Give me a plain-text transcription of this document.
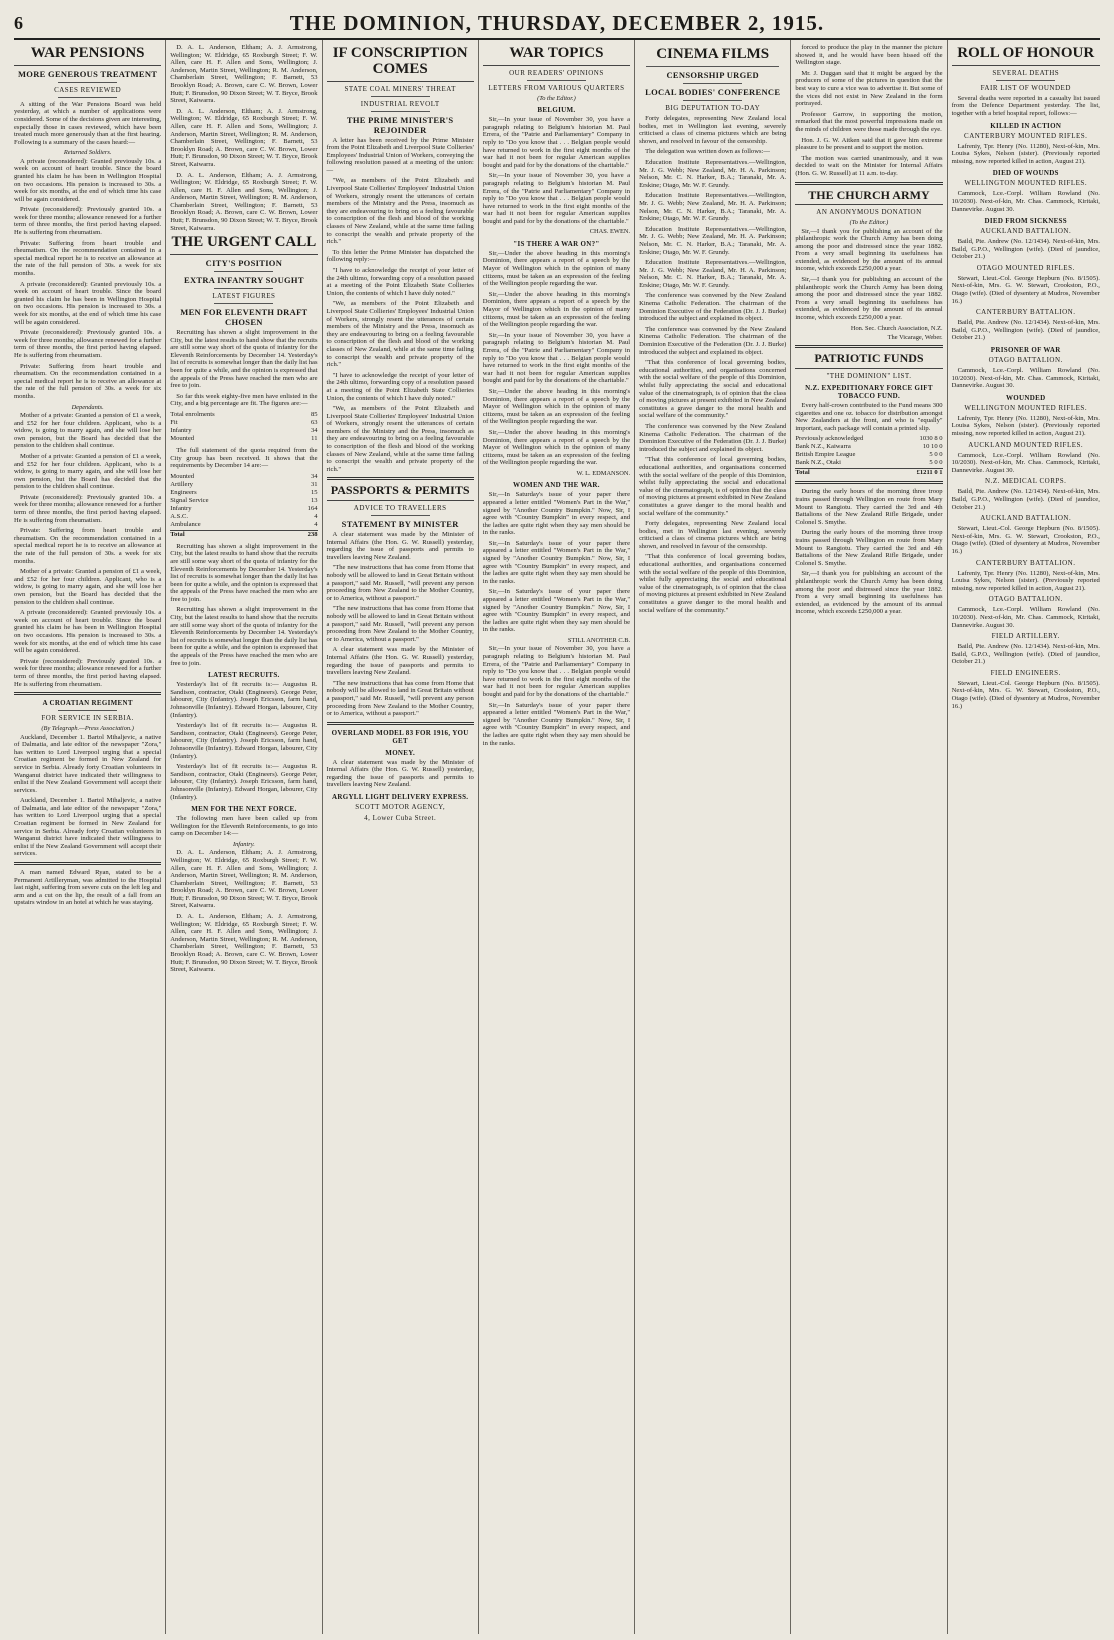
6	THE DOMINION, THURSDAY, DECEMBER 2, 1915.
WAR PENSIONS
MORE GENEROUS TREATMENT
CASES REVIEWED

A sitting of the War Pensions Board was held yesterday, at which a number of applications were considered. Some of the decisions given are interesting, especially those in cases reviewed, which have been treated much more generously than at the first hearing. Following is a summary of the cases heard:—

Returned Soldiers.

A private (reconsidered): Granted previously 10s. a week on account of heart trouble. Since the board granted his claim he has been in Wellington Hospital on two occasions. His pension is increased to 30s. a week for six months, at the end of which time his case will be again considered.

Private (reconsidered): Previously granted 10s. a week for three months; allowance renewed for a further term of three months, the first period having elapsed. He is suffering from rheumatism.

Private: Suffering from heart trouble and rheumatism. On the recommendation contained in a special medical report he is to receive an allowance at the rate of the full pension of 30s. a week for six months.

A private (reconsidered): Granted previously 10s. a week on account of heart trouble. Since the board granted his claim he has been in Wellington Hospital on two occasions. His pension is increased to 30s. a week for six months, at the end of which time his case will be again considered.

Private (reconsidered): Previously granted 10s. a week for three months; allowance renewed for a further term of three months, the first period having elapsed. He is suffering from rheumatism.

Private: Suffering from heart trouble and rheumatism. On the recommendation contained in a special medical report he is to receive an allowance at the rate of the full pension of 30s. a week for six months.

Dependants.

Mother of a private: Granted a pension of £1 a week, and £52 for her four children. Applicant, who is a widow, is going to marry again, and she will lose her own pension, but the Board has decided that the pension to the children shall continue.

Mother of a private: Granted a pension of £1 a week, and £52 for her four children. Applicant, who is a widow, is going to marry again, and she will lose her own pension, but the Board has decided that the pension to the children shall continue.

Private (reconsidered): Previously granted 10s. a week for three months; allowance renewed for a further term of three months, the first period having elapsed. He is suffering from rheumatism.

Private: Suffering from heart trouble and rheumatism. On the recommendation contained in a special medical report he is to receive an allowance at the rate of the full pension of 30s. a week for six months.

Mother of a private: Granted a pension of £1 a week, and £52 for her four children. Applicant, who is a widow, is going to marry again, and she will lose her own pension, but the Board has decided that the pension to the children shall continue.

A private (reconsidered): Granted previously 10s. a week on account of heart trouble. Since the board granted his claim he has been in Wellington Hospital on two occasions. His pension is increased to 30s. a week for six months, at the end of which time his case will be again considered.

Private (reconsidered): Previously granted 10s. a week for three months; allowance renewed for a further term of three months, the first period having elapsed. He is suffering from rheumatism.

A CROATIAN REGIMENT
FOR SERVICE IN SERBIA.
(By Telegraph.—Press Association.)

Auckland, December 1. Bartol Mihaljevic, a native of Dalmatia, and late editor of the newspaper "Zora," has written to Lord Liverpool urging that a special Croatian regiment be formed in New Zealand for service in Serbia. Already forty Croatian volunteers in Wanganui district have indicated their willingness to enlist if the New Zealand Government will accept their services.

Auckland, December 1. Bartol Mihaljevic, a native of Dalmatia, and late editor of the newspaper "Zora," has written to Lord Liverpool urging that a special Croatian regiment be formed in New Zealand for service in Serbia. Already forty Croatian volunteers in Wanganui district have indicated their willingness to enlist if the New Zealand Government will accept their services.

A man named Edward Ryan, stated to be a Permanent Artilleryman, was admitted to the Hospital last night, suffering from severe cuts on the left leg and arm and a cut on the lip, the result of a fall from an upstairs window in an hotel at which he was staying.

D. A. L. Anderson, Eltham; A. J. Armstrong, Wellington; W. Eldridge, 65 Roxburgh Street; F. W. Allen, care H. F. Allen and Sons, Wellington; J. Anderson, Martin Street, Wellington; R. M. Anderson, Chamberlain Street, Wellington; F. Barnett, 53 Brooklyn Road; A. Brown, care C. W. Brown, Lower Hutt; F. Brunsdon, 90 Dixon Street; W. T. Bryce, Brook Street, Kaiwarra.

D. A. L. Anderson, Eltham; A. J. Armstrong, Wellington; W. Eldridge, 65 Roxburgh Street; F. W. Allen, care H. F. Allen and Sons, Wellington; J. Anderson, Martin Street, Wellington; R. M. Anderson, Chamberlain Street, Wellington; F. Barnett, 53 Brooklyn Road; A. Brown, care C. W. Brown, Lower Hutt; F. Brunsdon, 90 Dixon Street; W. T. Bryce, Brook Street, Kaiwarra.

D. A. L. Anderson, Eltham; A. J. Armstrong, Wellington; W. Eldridge, 65 Roxburgh Street; F. W. Allen, care H. F. Allen and Sons, Wellington; J. Anderson, Martin Street, Wellington; R. M. Anderson, Chamberlain Street, Wellington; F. Barnett, 53 Brooklyn Road; A. Brown, care C. W. Brown, Lower Hutt; F. Brunsdon, 90 Dixon Street; W. T. Bryce, Brook Street, Kaiwarra.

THE URGENT CALL
CITY'S POSITION
EXTRA INFANTRY SOUGHT
LATEST FIGURES
MEN FOR ELEVENTH DRAFT CHOSEN

Recruiting has shown a slight improvement in the City, but the latest results to hand show that the recruits are still some way short of the quota of infantry for the Eleventh Reinforcements by December 14. Yesterday's list of recruits is somewhat longer than the daily list has been for quite a while, and the opinion is expressed that the appeals of the Press have reached the men who are free to join.

So far this week eighty-five men have enlisted in the City, and a big percentage are fit. The figures are:—

Total enrolments	85
Fit	63
Infantry	34
Mounted	11

The full statement of the quota required from the City group has been received. It shows that the requirements by December 14 are:—

Mounted	34
Artillery	31
Engineers	15
Signal Service	13
Infantry	164
A.S.C.	4
Ambulance	4
Total	238

Recruiting has shown a slight improvement in the City, but the latest results to hand show that the recruits are still some way short of the quota of infantry for the Eleventh Reinforcements by December 14. Yesterday's list of recruits is somewhat longer than the daily list has been for quite a while, and the opinion is expressed that the appeals of the Press have reached the men who are free to join.

Recruiting has shown a slight improvement in the City, but the latest results to hand show that the recruits are still some way short of the quota of infantry for the Eleventh Reinforcements by December 14. Yesterday's list of recruits is somewhat longer than the daily list has been for quite a while, and the opinion is expressed that the appeals of the Press have reached the men who are free to join.

LATEST RECRUITS.

Yesterday's list of fit recruits is:— Augustus R. Sandison, contractor, Otaki (Engineers). George Peter, labourer, City (Infantry). Joseph Ericsson, farm hand, Johnsonville (Infantry). Edward Horgan, labourer, City (Infantry).

Yesterday's list of fit recruits is:— Augustus R. Sandison, contractor, Otaki (Engineers). George Peter, labourer, City (Infantry). Joseph Ericsson, farm hand, Johnsonville (Infantry). Edward Horgan, labourer, City (Infantry).

Yesterday's list of fit recruits is:— Augustus R. Sandison, contractor, Otaki (Engineers). George Peter, labourer, City (Infantry). Joseph Ericsson, farm hand, Johnsonville (Infantry). Edward Horgan, labourer, City (Infantry).

MEN FOR THE NEXT FORCE.

The following men have been called up from Wellington for the Eleventh Reinforcements, to go into camp on December 14:—

Infantry.

D. A. L. Anderson, Eltham; A. J. Armstrong, Wellington; W. Eldridge, 65 Roxburgh Street; F. W. Allen, care H. F. Allen and Sons, Wellington; J. Anderson, Martin Street, Wellington; R. M. Anderson, Chamberlain Street, Wellington; F. Barnett, 53 Brooklyn Road; A. Brown, care C. W. Brown, Lower Hutt; F. Brunsdon, 90 Dixon Street; W. T. Bryce, Brook Street, Kaiwarra.

D. A. L. Anderson, Eltham; A. J. Armstrong, Wellington; W. Eldridge, 65 Roxburgh Street; F. W. Allen, care H. F. Allen and Sons, Wellington; J. Anderson, Martin Street, Wellington; R. M. Anderson, Chamberlain Street, Wellington; F. Barnett, 53 Brooklyn Road; A. Brown, care C. W. Brown, Lower Hutt; F. Brunsdon, 90 Dixon Street; W. T. Bryce, Brook Street, Kaiwarra.

IF CONSCRIPTION COMES
STATE COAL MINERS' THREAT
INDUSTRIAL REVOLT
THE PRIME MINISTER'S REJOINDER

A letter has been received by the Prime Minister from the Point Elizabeth and Liverpool State Collieries' Employees' Industrial Union of Workers, conveying the following resolution passed at a meeting of the union:—

"We, as members of the Point Elizabeth and Liverpool State Collieries' Employees' Industrial Union of Workers, strongly resent the utterances of certain members of the Ministry and the Press, insomuch as they are endeavouring to bring on a feeling favourable to conscription of the flesh and blood of the working classes of New Zealand, while at the same time failing to conscript the wealth and private property of the rich."

To this letter the Prime Minister has dispatched the following reply:—

"I have to acknowledge the receipt of your letter of the 24th ultimo, forwarding copy of a resolution passed at a meeting of the Point Elizabeth State Collieries Union, the contents of which I have duly noted."

"We, as members of the Point Elizabeth and Liverpool State Collieries' Employees' Industrial Union of Workers, strongly resent the utterances of certain members of the Ministry and the Press, insomuch as they are endeavouring to bring on a feeling favourable to conscription of the flesh and blood of the working classes of New Zealand, while at the same time failing to conscript the wealth and private property of the rich."

"I have to acknowledge the receipt of your letter of the 24th ultimo, forwarding copy of a resolution passed at a meeting of the Point Elizabeth State Collieries Union, the contents of which I have duly noted."

"We, as members of the Point Elizabeth and Liverpool State Collieries' Employees' Industrial Union of Workers, strongly resent the utterances of certain members of the Ministry and the Press, insomuch as they are endeavouring to bring on a feeling favourable to conscription of the flesh and blood of the working classes of New Zealand, while at the same time failing to conscript the wealth and private property of the rich."

PASSPORTS & PERMITS
ADVICE TO TRAVELLERS
STATEMENT BY MINISTER

A clear statement was made by the Minister of Internal Affairs (the Hon. G. W. Russell) yesterday, regarding the issue of passports and permits to travellers leaving New Zealand.

"The new instructions that has come from Home that nobody will be allowed to land in Great Britain without a passport," said Mr. Russell, "will prevent any person proceeding from New Zealand to the Mother Country, or to America, without a passport."

"The new instructions that has come from Home that nobody will be allowed to land in Great Britain without a passport," said Mr. Russell, "will prevent any person proceeding from New Zealand to the Mother Country, or to America, without a passport."

A clear statement was made by the Minister of Internal Affairs (the Hon. G. W. Russell) yesterday, regarding the issue of passports and permits to travellers leaving New Zealand.

"The new instructions that has come from Home that nobody will be allowed to land in Great Britain without a passport," said Mr. Russell, "will prevent any person proceeding from New Zealand to the Mother Country, or to America, without a passport."

OVERLAND MODEL 83 FOR 1916, YOU GET
MONEY.

A clear statement was made by the Minister of Internal Affairs (the Hon. G. W. Russell) yesterday, regarding the issue of passports and permits to travellers leaving New Zealand.

ARGYLL LIGHT DELIVERY EXPRESS.
SCOTT MOTOR AGENCY,
4, Lower Cuba Street.
WAR TOPICS
OUR READERS' OPINIONS
LETTERS FROM VARIOUS QUARTERS
(To the Editor.)
BELGIUM.

Sir,—In your issue of November 30, you have a paragraph relating to Belgium's historian M. Paul Errera, of the "Patrie and Parliamentary" Company in reply to "Do you know that . . . Belgian people would have returned to work in the first eight months of the war had it not been for regular American supplies bought and paid for by the donations of the charitable."

Sir,—In your issue of November 30, you have a paragraph relating to Belgium's historian M. Paul Errera, of the "Patrie and Parliamentary" Company in reply to "Do you know that . . . Belgian people would have returned to work in the first eight months of the war had it not been for regular American supplies bought and paid for by the donations of the charitable."

CHAS. EWEN.
"IS THERE A WAR ON?"

Sir,—Under the above heading in this morning's Dominion, there appears a report of a speech by the Mayor of Wellington which in the opinion of many citizens, must be taken as an expression of the feeling of the Wellington people regarding the war.

Sir,—Under the above heading in this morning's Dominion, there appears a report of a speech by the Mayor of Wellington which in the opinion of many citizens, must be taken as an expression of the feeling of the Wellington people regarding the war.

Sir,—In your issue of November 30, you have a paragraph relating to Belgium's historian M. Paul Errera, of the "Patrie and Parliamentary" Company in reply to "Do you know that . . . Belgian people would have returned to work in the first eight months of the war had it not been for regular American supplies bought and paid for by the donations of the charitable."

Sir,—Under the above heading in this morning's Dominion, there appears a report of a speech by the Mayor of Wellington which in the opinion of many citizens, must be taken as an expression of the feeling of the Wellington people regarding the war.

Sir,—Under the above heading in this morning's Dominion, there appears a report of a speech by the Mayor of Wellington which in the opinion of many citizens, must be taken as an expression of the feeling of the Wellington people regarding the war.

W. L. EDMANSON.
WOMEN AND THE WAR.

Sir,—In Saturday's issue of your paper there appeared a letter entitled "Women's Part in the War," signed by "Another Country Bumpkin." Now, Sir, I agree with "Country Bumpkin" in every respect, and the ladies are quite right when they say men should be in the ranks.

Sir,—In Saturday's issue of your paper there appeared a letter entitled "Women's Part in the War," signed by "Another Country Bumpkin." Now, Sir, I agree with "Country Bumpkin" in every respect, and the ladies are quite right when they say men should be in the ranks.

Sir,—In Saturday's issue of your paper there appeared a letter entitled "Women's Part in the War," signed by "Another Country Bumpkin." Now, Sir, I agree with "Country Bumpkin" in every respect, and the ladies are quite right when they say men should be in the ranks.

STILL ANOTHER C.B.

Sir,—In your issue of November 30, you have a paragraph relating to Belgium's historian M. Paul Errera, of the "Patrie and Parliamentary" Company in reply to "Do you know that . . . Belgian people would have returned to work in the first eight months of the war had it not been for regular American supplies bought and paid for by the donations of the charitable."

Sir,—In Saturday's issue of your paper there appeared a letter entitled "Women's Part in the War," signed by "Another Country Bumpkin." Now, Sir, I agree with "Country Bumpkin" in every respect, and the ladies are quite right when they say men should be in the ranks.

CINEMA FILMS
CENSORSHIP URGED
LOCAL BODIES' CONFERENCE
BIG DEPUTATION TO-DAY

Forty delegates, representing New Zealand local bodies, met in Wellington last evening, severely criticised a class of cinema pictures which are being shown, and resolved in favour of the censorship.

The delegation was written down as follows:—

Education Institute Representatives.—Wellington, Mr. J. G. Webb; New Zealand, Mr. H. A. Parkinson; Nelson, Mr. C. N. Harker, B.A.; Taranaki, Mr. A. Erskine; Otago, Mr. W. F. Grundy.

Education Institute Representatives.—Wellington, Mr. J. G. Webb; New Zealand, Mr. H. A. Parkinson; Nelson, Mr. C. N. Harker, B.A.; Taranaki, Mr. A. Erskine; Otago, Mr. W. F. Grundy.

Education Institute Representatives.—Wellington, Mr. J. G. Webb; New Zealand, Mr. H. A. Parkinson; Nelson, Mr. C. N. Harker, B.A.; Taranaki, Mr. A. Erskine; Otago, Mr. W. F. Grundy.

Education Institute Representatives.—Wellington, Mr. J. G. Webb; New Zealand, Mr. H. A. Parkinson; Nelson, Mr. C. N. Harker, B.A.; Taranaki, Mr. A. Erskine; Otago, Mr. W. F. Grundy.

The conference was convened by the New Zealand Kinema Catholic Federation. The chairman of the Dominion Executive of the Federation (Dr. J. J. Burke) introduced the subject and explained its object.

The conference was convened by the New Zealand Kinema Catholic Federation. The chairman of the Dominion Executive of the Federation (Dr. J. J. Burke) introduced the subject and explained its object.

"That this conference of local governing bodies, educational authorities, and organisations concerned with the social welfare of the people of this Dominion, whilst fully appreciating the social and educational value of the cinematograph, is of opinion that the class of moving pictures at present exhibited in New Zealand constitutes a grave danger to the moral health and social welfare of the community."

The conference was convened by the New Zealand Kinema Catholic Federation. The chairman of the Dominion Executive of the Federation (Dr. J. J. Burke) introduced the subject and explained its object.

"That this conference of local governing bodies, educational authorities, and organisations concerned with the social welfare of the people of this Dominion, whilst fully appreciating the social and educational value of the cinematograph, is of opinion that the class of moving pictures at present exhibited in New Zealand constitutes a grave danger to the moral health and social welfare of the community."

Forty delegates, representing New Zealand local bodies, met in Wellington last evening, severely criticised a class of cinema pictures which are being shown, and resolved in favour of the censorship.

"That this conference of local governing bodies, educational authorities, and organisations concerned with the social welfare of the people of this Dominion, whilst fully appreciating the social and educational value of the cinematograph, is of opinion that the class of moving pictures at present exhibited in New Zealand constitutes a grave danger to the moral health and social welfare of the community."

forced to produce the play in the manner the picture showed it, and he would have been hissed off the Wellington stage.

Mr. J. Duggan said that it might be argued by the producers of some of the pictures in question that the best way to cure a vice was to advertise it. But some of the vices did not exist in New Zealand in the form portrayed.

Professor Garrow, in supporting the motion, remarked that the most powerful impressions made on the minds of children were those made through the eye.

Hon. J. G. W. Aitken said that it gave him extreme pleasure to be present and to support the motion.

The motion was carried unanimously, and it was decided to wait on the Minister for Internal Affairs (Hon. G. W. Russell) at 11 a.m. to-day.

THE CHURCH ARMY
AN ANONYMOUS DONATION
(To the Editor.)

Sir,—I thank you for publishing an account of the philanthropic work the Church Army has been doing among the poor and distressed since the year 1882. From a very small beginning its usefulness has extended, as evidenced by the amount of its annual income, which exceeds £250,000 a year.

Sir,—I thank you for publishing an account of the philanthropic work the Church Army has been doing among the poor and distressed since the year 1882. From a very small beginning its usefulness has extended, as evidenced by the amount of its annual income, which exceeds £250,000 a year.

Hon. Sec. Church Association, N.Z.
The Vicarage, Weber.
PATRIOTIC FUNDS
"THE DOMINION" LIST.
N.Z. EXPEDITIONARY FORCE GIFT TOBACCO FUND.

Every half-crown contributed to the Fund means 300 cigarettes and one oz. tobacco for distribution amongst New Zealanders at the front, and who is "equally" important, each package will contain a printed slip.

Previously acknowledged	1030 8 0
Bank N.Z., Kaiwarra	10 10 0
British Empire League	5 0 0
Bank N.Z., Otaki	5 0 0
Total	£1211 0 1

During the early hours of the morning three troop trains passed through Wellington en route from Mary Mount to Rangiotu. They carried the 3rd and 4th Battalions of the New Zealand Rifle Brigade, under Colonel S. Smythe.

During the early hours of the morning three troop trains passed through Wellington en route from Mary Mount to Rangiotu. They carried the 3rd and 4th Battalions of the New Zealand Rifle Brigade, under Colonel S. Smythe.

Sir,—I thank you for publishing an account of the philanthropic work the Church Army has been doing among the poor and distressed since the year 1882. From a very small beginning its usefulness has extended, as evidenced by the amount of its annual income, which exceeds £250,000 a year.

ROLL OF HONOUR
SEVERAL DEATHS
FAIR LIST OF WOUNDED

Several deaths were reported in a casualty list issued from the Defence Department yesterday. The list, together with a brief hospital report, follows:—

KILLED IN ACTION
CANTERBURY MOUNTED RIFLES.

Lafreniy, Tpr. Henry (No. 11280), Next-of-kin, Mrs. Louisa Sykes, Nelson (sister). (Previously reported missing, now reported killed in action, August 21).

DIED OF WOUNDS
WELLINGTON MOUNTED RIFLES.

Cammock, Lce.-Corpl. William Rowland (No. 10/2030). Next-of-kin, Mr. Chas. Cammock, Kiritaki, Dannevirke. August 30.

DIED FROM SICKNESS
AUCKLAND BATTALION.

Baild, Pte. Andrew (No. 12/1434). Next-of-kin, Mrs. Baild, G.P.O., Wellington (wife). (Died of jaundice, October 21.)

OTAGO MOUNTED RIFLES.

Stewart, Lieut.-Col. George Hepburn (No. 8/1505). Next-of-kin, Mrs. G. W. Stewart, Crookston, P.O., Otago (wife). (Died of dysentery at Mudros, November 16.)

CANTERBURY BATTALION.

Baild, Pte. Andrew (No. 12/1434). Next-of-kin, Mrs. Baild, G.P.O., Wellington (wife). (Died of jaundice, October 21.)

PRISONER OF WAR
OTAGO BATTALION.

Cammock, Lce.-Corpl. William Rowland (No. 10/2030). Next-of-kin, Mr. Chas. Cammock, Kiritaki, Dannevirke. August 30.

WOUNDED
WELLINGTON MOUNTED RIFLES.

Lafreniy, Tpr. Henry (No. 11280), Next-of-kin, Mrs. Louisa Sykes, Nelson (sister). (Previously reported missing, now reported killed in action, August 21).

AUCKLAND MOUNTED RIFLES.

Cammock, Lce.-Corpl. William Rowland (No. 10/2030). Next-of-kin, Mr. Chas. Cammock, Kiritaki, Dannevirke. August 30.

N.Z. MEDICAL CORPS.

Baild, Pte. Andrew (No. 12/1434). Next-of-kin, Mrs. Baild, G.P.O., Wellington (wife). (Died of jaundice, October 21.)

AUCKLAND BATTALION.

Stewart, Lieut.-Col. George Hepburn (No. 8/1505). Next-of-kin, Mrs. G. W. Stewart, Crookston, P.O., Otago (wife). (Died of dysentery at Mudros, November 16.)

CANTERBURY BATTALION.

Lafreniy, Tpr. Henry (No. 11280), Next-of-kin, Mrs. Louisa Sykes, Nelson (sister). (Previously reported missing, now reported killed in action, August 21).

OTAGO BATTALION.

Cammock, Lce.-Corpl. William Rowland (No. 10/2030). Next-of-kin, Mr. Chas. Cammock, Kiritaki, Dannevirke. August 30.

FIELD ARTILLERY.

Baild, Pte. Andrew (No. 12/1434). Next-of-kin, Mrs. Baild, G.P.O., Wellington (wife). (Died of jaundice, October 21.)

FIELD ENGINEERS.

Stewart, Lieut.-Col. George Hepburn (No. 8/1505). Next-of-kin, Mrs. G. W. Stewart, Crookston, P.O., Otago (wife). (Died of dysentery at Mudros, November 16.)
